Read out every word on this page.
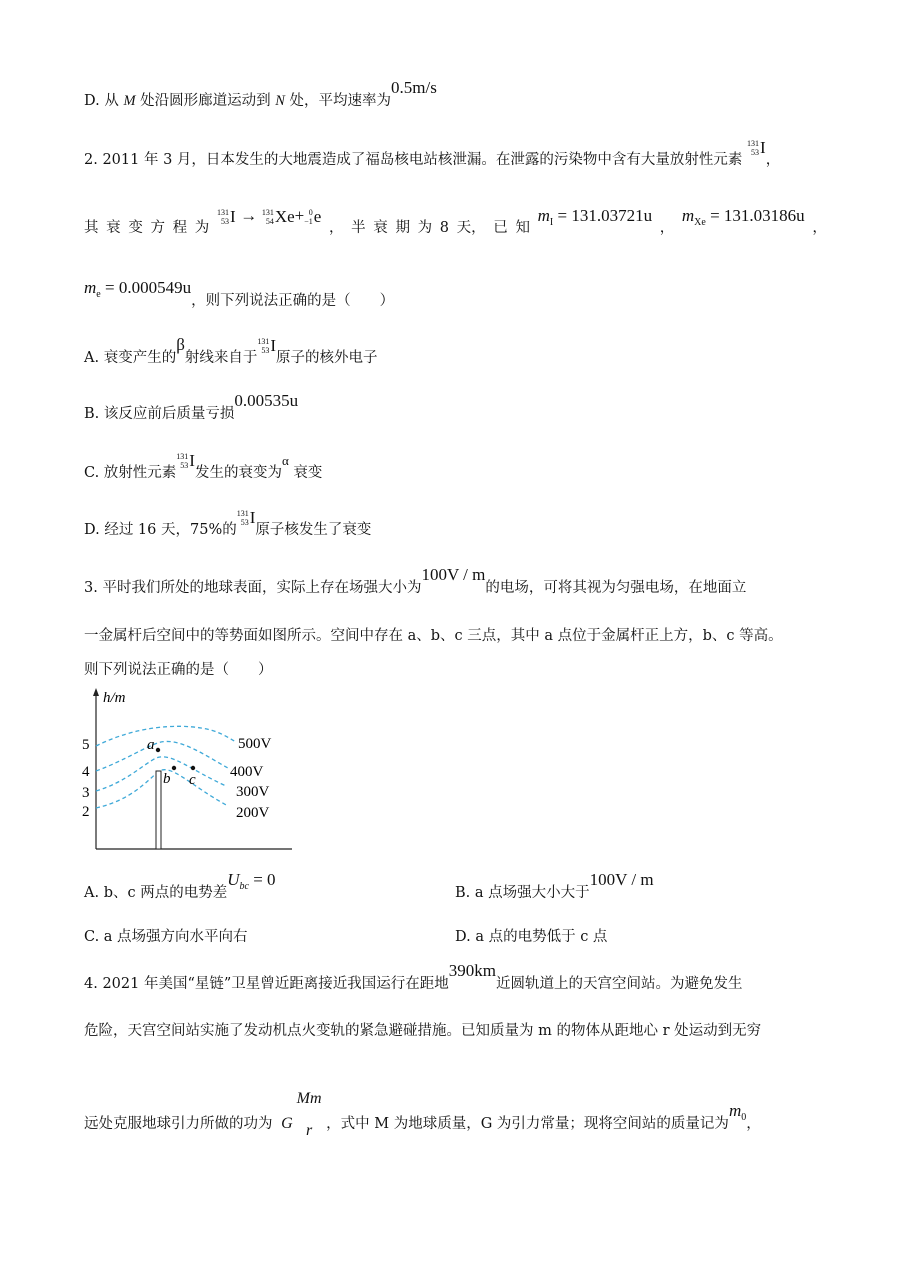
D. 从 M 处沿圆形廊道运动到 N 处，平均速率为0.5m/s
2. 2011 年 3 月，日本发生的大地震造成了福岛核电站核泄漏。在泄露的污染物中含有大量放射性元素
131
53 I
，
其 衰 变 方 程 为
131
53 I → 131
54 Xe + 0
−1 e
， 半 衰 期 为 8 天， 已 知
$m_I = 131.03721u$
，
$m_{Xe} = 131.03186u$
，
$m_e = 0.000549u$，则下列说法正确的是（　　）
A. 衰变产生的β射线来自于
131
53 I
原子的核外电子
B. 该反应前后质量亏损0.00535u
C. 放射性元素
131
53 I
发生的衰变为α 衰变
D. 经过 16 天，75%的
131
53 I
原子核发生了衰变
3. 平时我们所处的地球表面，实际上存在场强大小为100V / m的电场，可将其视为匀强电场，在地面立
一金属杆后空间中的等势面如图所示。空间中存在 a、b、c 三点，其中 a 点位于金属杆正上方，b、c 等高。
则下列说法正确的是（　　）
h/m
5
4
3
2
a
b c
500V
400V
300V
200V
A. b、c 两点的电势差$U_{bc} = 0$
B. a 点场强大小大于100V / m
C. a 点场强方向水平向右	D. a 点的电势低于 c 点
4. 2021 年美国“星链”卫星曾近距离接近我国运行在距地390km近圆轨道上的天宫空间站。为避免发生
危险，天宫空间站实施了发动机点火变轨的紧急避碰措施。已知质量为 m 的物体从距地心 r 处运动到无穷
远处克服地球引力所做的功为 G
Mm
r ，式中 M 为地球质量，G 为引力常量；现将空间站的质量记为$m_0$，
